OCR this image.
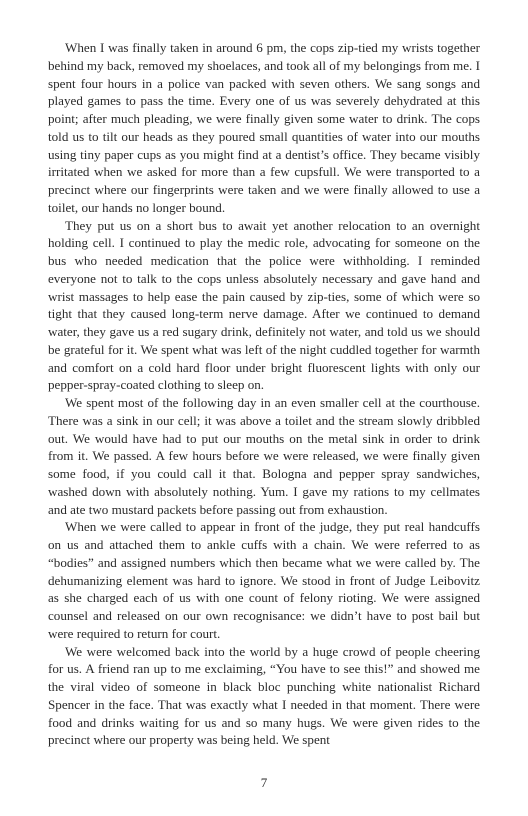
When I was finally taken in around 6 pm, the cops zip-tied my wrists together behind my back, removed my shoelaces, and took all of my belongings from me. I spent four hours in a police van packed with seven others. We sang songs and played games to pass the time. Every one of us was severely dehydrated at this point; after much pleading, we were finally given some water to drink. The cops told us to tilt our heads as they poured small quantities of water into our mouths using tiny paper cups as you might find at a dentist’s office. They became visibly irritated when we asked for more than a few cupsfull. We were transported to a precinct where our fingerprints were taken and we were finally allowed to use a toilet, our hands no longer bound.

They put us on a short bus to await yet another relocation to an overnight holding cell. I continued to play the medic role, advocating for someone on the bus who needed medication that the police were withholding. I reminded everyone not to talk to the cops unless absolutely necessary and gave hand and wrist massages to help ease the pain caused by zip-ties, some of which were so tight that they caused long-term nerve damage. After we continued to demand water, they gave us a red sugary drink, definitely not water, and told us we should be grateful for it. We spent what was left of the night cuddled together for warmth and comfort on a cold hard floor under bright fluorescent lights with only our pepper-spray-coated clothing to sleep on.

We spent most of the following day in an even smaller cell at the courthouse. There was a sink in our cell; it was above a toilet and the stream slowly dribbled out. We would have had to put our mouths on the metal sink in order to drink from it. We passed. A few hours before we were released, we were finally given some food, if you could call it that. Bologna and pepper spray sandwiches, washed down with absolutely nothing. Yum. I gave my rations to my cellmates and ate two mustard packets before passing out from exhaustion.

When we were called to appear in front of the judge, they put real handcuffs on us and attached them to ankle cuffs with a chain. We were referred to as “bodies” and assigned numbers which then became what we were called by. The dehumanizing element was hard to ignore. We stood in front of Judge Leibovitz as she charged each of us with one count of felony rioting. We were assigned counsel and released on our own recognisance: we didn’t have to post bail but were required to return for court.

We were welcomed back into the world by a huge crowd of people cheering for us. A friend ran up to me exclaiming, “You have to see this!” and showed me the viral video of someone in black bloc punching white nationalist Richard Spencer in the face. That was exactly what I needed in that moment. There were food and drinks waiting for us and so many hugs. We were given rides to the precinct where our property was being held. We spent

7
